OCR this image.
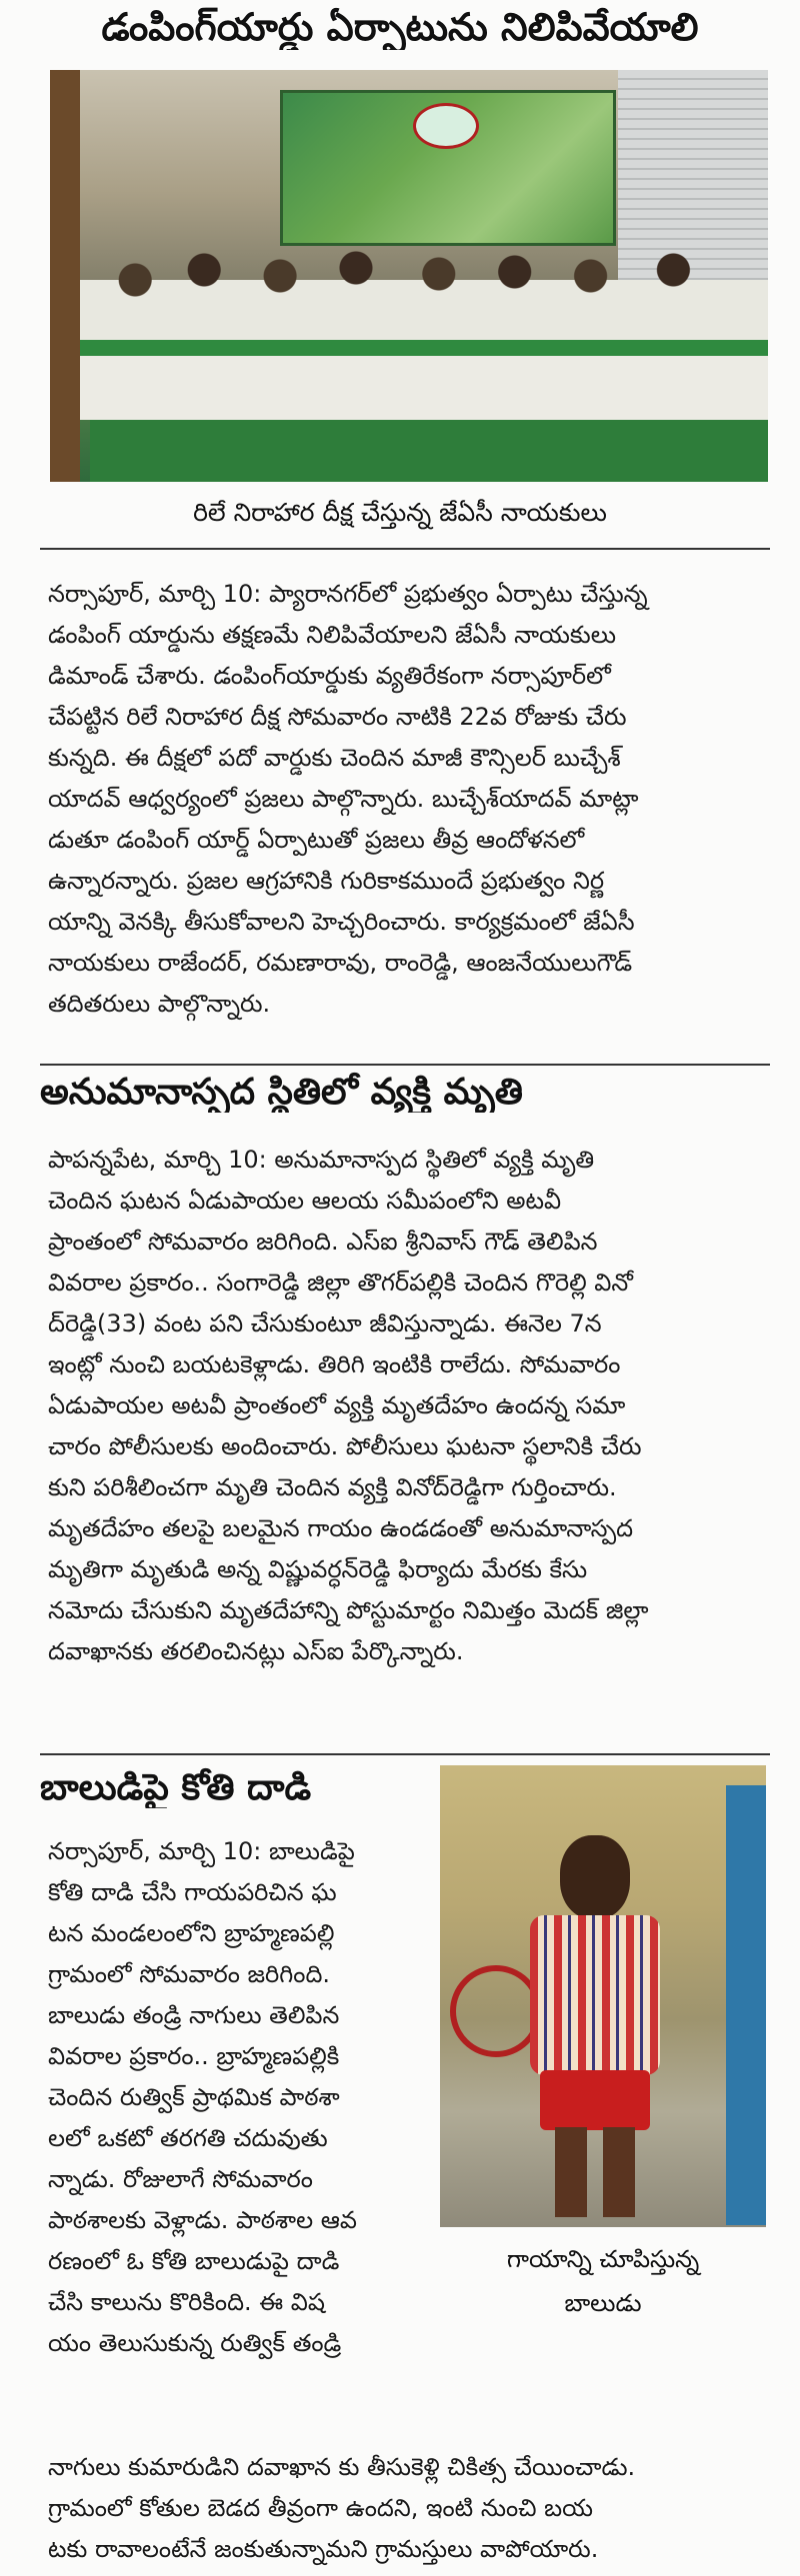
డంపింగ్‌యార్డు ఏర్పాటును నిలిపివేయాలి
రిలే నిరాహార దీక్ష చేస్తున్న జేఏసీ నాయకులు
నర్సాపూర్, మార్చి 10: ప్యారానగర్‌లో ప్రభుత్వం ఏర్పాటు చేస్తున్న
డంపింగ్ యార్డును తక్షణమే నిలిపివేయాలని జేఏసీ నాయకులు
డిమాండ్ చేశారు. డంపింగ్‌యార్డుకు వ్యతిరేకంగా నర్సాపూర్‌లో
చేపట్టిన రిలే నిరాహార దీక్ష సోమవారం నాటికి 22వ రోజుకు చేరు
కున్నది. ఈ దీక్షలో పదో వార్డుకు చెందిన మాజీ కౌన్సిలర్ బుచ్చేశ్
యాదవ్ ఆధ్వర్యంలో ప్రజలు పాల్గొన్నారు. బుచ్చేశ్‌యాదవ్ మాట్లా
డుతూ డంపింగ్ యార్డ్ ఏర్పాటుతో ప్రజలు తీవ్ర ఆందోళనలో
ఉన్నారన్నారు. ప్రజల ఆగ్రహానికి గురికాకముందే ప్రభుత్వం నిర్ణ
యాన్ని వెనక్కి తీసుకోవాలని హెచ్చరించారు. కార్యక్రమంలో జేఏసీ
నాయకులు రాజేందర్, రమణారావు, రాంరెడ్డి, ఆంజనేయులుగౌడ్
తదితరులు పాల్గొన్నారు.
అనుమానాస్పద స్థితిలో వ్యక్తి మృతి
పాపన్నపేట, మార్చి 10: అనుమానాస్పద స్థితిలో వ్యక్తి మృతి
చెందిన ఘటన ఏడుపాయల ఆలయ సమీపంలోని అటవీ
ప్రాంతంలో సోమవారం జరిగింది. ఎస్ఐ శ్రీనివాస్ గౌడ్ తెలిపిన
వివరాల ప్రకారం.. సంగారెడ్డి జిల్లా తొగర్‌పల్లికి చెందిన గొరెల్లి వినో
ద్‌రెడ్డి(33) వంట పని చేసుకుంటూ జీవిస్తున్నాడు. ఈనెల 7న
ఇంట్లో నుంచి బయటకెళ్లాడు. తిరిగి ఇంటికి రాలేదు. సోమవారం
ఏడుపాయల అటవీ ప్రాంతంలో వ్యక్తి మృతదేహం ఉందన్న సమా
చారం పోలీసులకు అందించారు. పోలీసులు ఘటనా స్థలానికి చేరు
కుని పరిశీలించగా మృతి చెందిన వ్యక్తి వినోద్‌రెడ్డిగా గుర్తించారు.
మృతదేహం తలపై బలమైన గాయం ఉండడంతో అనుమానాస్పద
మృతిగా మృతుడి అన్న విష్ణువర్ధన్‌రెడ్డి ఫిర్యాదు మేరకు కేసు
నమోదు చేసుకుని మృతదేహాన్ని పోస్టుమార్టం నిమిత్తం మెదక్ జిల్లా
దవాఖానకు తరలించినట్లు ఎస్ఐ పేర్కొన్నారు.
బాలుడిపై కోతి దాడి
గాయాన్ని చూపిస్తున్న
బాలుడు
నర్సాపూర్, మార్చి 10: బాలుడిపై
కోతి దాడి చేసి గాయపరిచిన ఘ
టన మండలంలోని బ్రాహ్మణపల్లి
గ్రామంలో సోమవారం జరిగింది.
బాలుడు తండ్రి నాగులు తెలిపిన
వివరాల ప్రకారం.. బ్రాహ్మణపల్లికి
చెందిన రుత్విక్ ప్రాథమిక పాఠశా
లలో ఒకటో తరగతి చదువుతు
న్నాడు. రోజులాగే సోమవారం
పాఠశాలకు వెళ్లాడు. పాఠశాల ఆవ
రణంలో ఓ కోతి బాలుడుపై దాడి
చేసి కాలును కొరికింది. ఈ విష
యం తెలుసుకున్న రుత్విక్ తండ్రి
నాగులు కుమారుడిని దవాఖాన కు తీసుకెళ్లి చికిత్స చేయించాడు.
గ్రామంలో కోతుల బెడద తీవ్రంగా ఉందని, ఇంటి నుంచి బయ
టకు రావాలంటేనే జంకుతున్నామని గ్రామస్తులు వాపోయారు.
